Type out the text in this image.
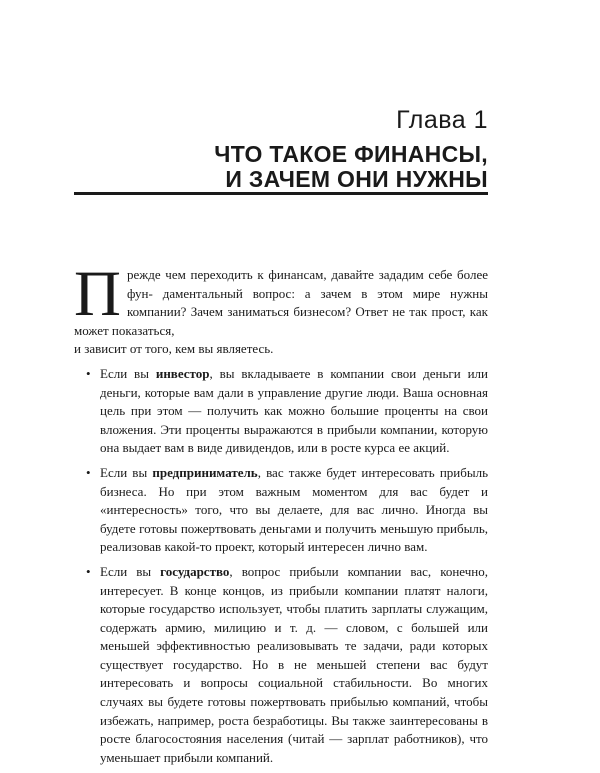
Глава 1
ЧТО ТАКОЕ ФИНАНСЫ,
И ЗАЧЕМ ОНИ НУЖНЫ

Прежде чем переходить к финансам, давайте зададим себе более фун- даментальный вопрос: а зачем в этом мире нужны компании? Зачем заниматься бизнесом? Ответ не так прост, как может показаться,
и зависит от того, кем вы являетесь.

• Если вы инвестор, вы вкладываете в компании свои деньги или деньги, которые вам дали в управление другие люди. Ваша основная цель при этом — получить как можно большие проценты на свои вложения. Эти проценты выражаются в прибыли компании, которую она выдает вам в виде дивидендов, или в росте курса ее акций.
• Если вы предприниматель, вас также будет интересовать прибыль бизнеса. Но при этом важным моментом для вас будет и «интересность» того, что вы делаете, для вас лично. Иногда вы будете готовы пожертвовать деньгами и получить меньшую прибыль, реализовав какой-то проект, который интересен лично вам.
• Если вы государство, вопрос прибыли компании вас, конечно, интересует. В конце концов, из прибыли компании платят налоги, которые государство использует, чтобы платить зарплаты служащим, содержать армию, милицию и т. д. — словом, с большей или меньшей эффективностью реализовывать те задачи, ради которых существует государство. Но в не меньшей степени вас будут интересовать и вопросы социальной стабильности. Во многих случаях вы будете готовы пожертвовать прибылью компаний, чтобы избежать, например, роста безработицы. Вы также заинтересованы в росте благосостояния населения (читай — зарплат работников), что уменьшает прибыли компаний.
